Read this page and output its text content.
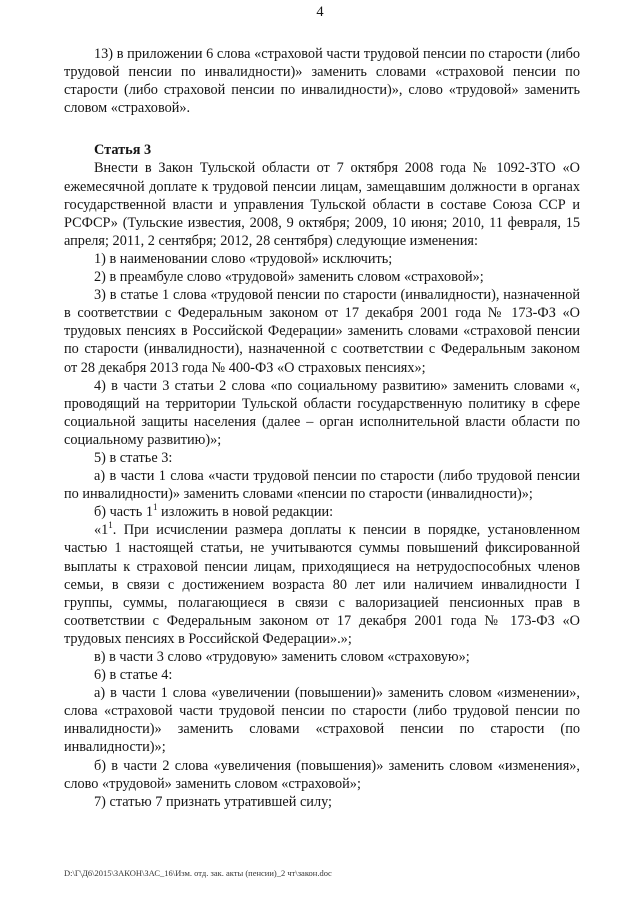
4

13) в приложении 6 слова «страховой части трудовой пенсии по старости (либо трудовой пенсии по инвалидности)» заменить словами «страховой пенсии по старости (либо страховой пенсии по инвалидности)», слово «трудовой» заменить словом «страховой».

Статья 3

Внести в Закон Тульской области от 7 октября 2008 года № 1092-ЗТО «О ежемесячной доплате к трудовой пенсии лицам, замещавшим должности в органах государственной власти и управления Тульской области в составе Союза ССР и РСФСР» (Тульские известия, 2008, 9 октября; 2009, 10 июня; 2010, 11 февраля, 15 апреля; 2011, 2 сентября; 2012, 28 сентября) следующие изменения:

1) в наименовании слово «трудовой» исключить;

2) в преамбуле слово «трудовой» заменить словом «страховой»;

3) в статье 1 слова «трудовой пенсии по старости (инвалидности), назначенной в соответствии с Федеральным законом от 17 декабря 2001 года № 173-ФЗ «О трудовых пенсиях в Российской Федерации» заменить словами «страховой пенсии по старости (инвалидности), назначенной с соответствии с Федеральным законом от 28 декабря 2013 года № 400-ФЗ «О страховых пенсиях»;

4) в части 3 статьи 2 слова «по социальному развитию» заменить словами «, проводящий на территории Тульской области государственную политику в сфере социальной защиты населения (далее – орган исполнительной власти области по социальному развитию)»;

5) в статье 3:

а) в части 1 слова «части трудовой пенсии по старости (либо трудовой пенсии по инвалидности)» заменить словами «пенсии по старости (инвалидности)»;

б) часть $1^1$ изложить в новой редакции:

«$1^1$. При исчислении размера доплаты к пенсии в порядке, установленном частью 1 настоящей статьи, не учитываются суммы повышений фиксированной выплаты к страховой пенсии лицам, приходящиеся на нетрудоспособных членов семьи, в связи с достижением возраста 80 лет или наличием инвалидности I группы, суммы, полагающиеся в связи с валоризацией пенсионных прав в соответствии с Федеральным законом от 17 декабря 2001 года № 173-ФЗ «О трудовых пенсиях в Российской Федерации».»;

в) в части 3 слово «трудовую» заменить словом «страховую»;

6) в статье 4:

а) в части 1 слова «увеличении (повышении)» заменить словом «изменении», слова «страховой части трудовой пенсии по старости (либо трудовой пенсии по инвалидности)» заменить словами «страховой пенсии по старости (по инвалидности)»;

б) в части 2 слова «увеличения (повышения)» заменить словом «изменения», слово «трудовой» заменить словом «страховой»;

7) статью 7 признать утратившей силу;

D:\Г\Д6\2015\ЗАКОН\ЗАС_16\Изм. отд. зак. акты (пенсии)_2 чт\закон.doc
